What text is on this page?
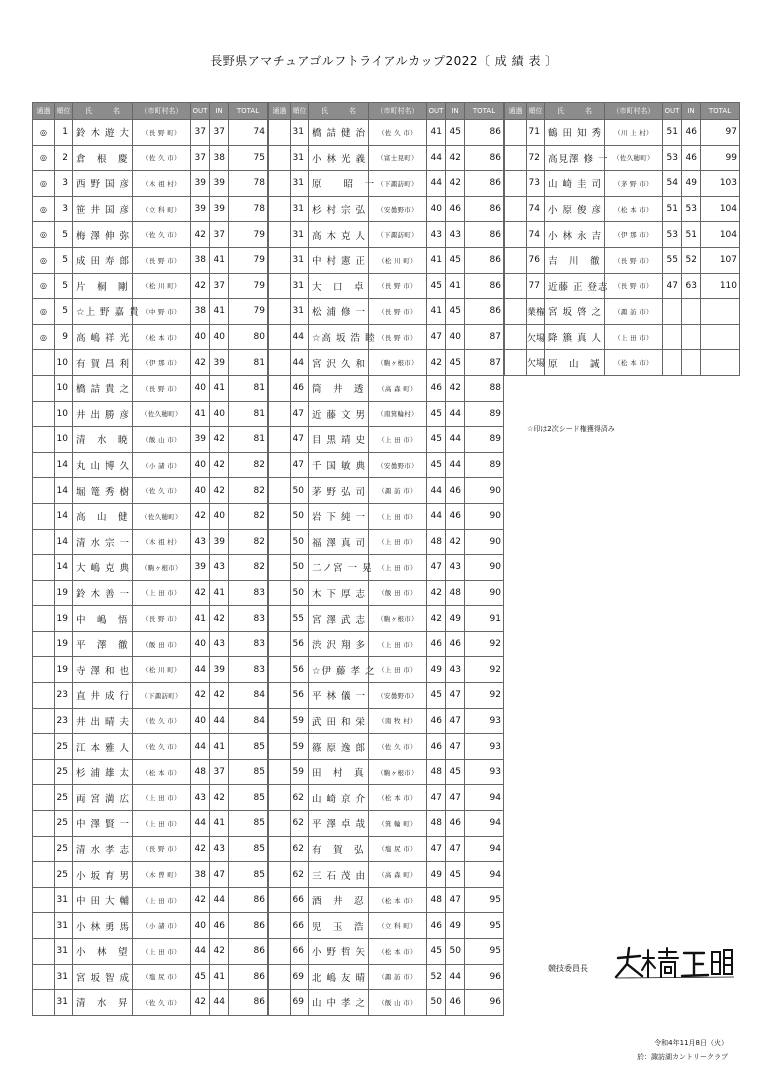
長野県アマチュアゴルフトライアルカップ2022〔 成 績 表 〕
通過	順位	氏　　　名	（市町村名）	OUT	IN	TOTAL
◎	1	鈴 木 遊 大	（長 野 町）	37	37	74
◎	2	倉　根　慶	（佐 久 市）	37	38	75
◎	3	西 野 国 彦	（木 祖 村）	39	39	78
◎	3	笹 井 国 彦	（立 科 町）	39	39	78
◎	5	梅 澤 伸 弥	（佐 久 市）	42	37	79
◎	5	成 田 寿 郎	（長 野 市）	38	41	79
◎	5	片　桐　剛	（松 川 町）	42	37	79
◎	5	☆上 野 嘉 貴	（中 野 市）	38	41	79
◎	9	高 嶋 祥 光	（松 本 市）	40	40	80
	10	有 賀 昌 利	（伊 那 市）	42	39	81
	10	橋 詰 貴 之	（長 野 市）	40	41	81
	10	井 出 勝 彦	（佐久穂町）	41	40	81
	10	清　水　暁	（飯 山 市）	39	42	81
	14	丸 山 博 久	（小 諸 市）	40	42	82
	14	堀 篭 秀 樹	（佐 久 市）	40	42	82
	14	高　山　健	（佐久穂町）	42	40	82
	14	清 水 宗 一	（木 祖 村）	43	39	82
	14	大 嶋 克 典	（駒ヶ根市）	39	43	82
	19	鈴 木 善 一	（上 田 市）	42	41	83
	19	中　嶋　悟	（長 野 市）	41	42	83
	19	平　澤　徹	（飯 田 市）	40	43	83
	19	寺 澤 和 也	（松 川 町）	44	39	83
	23	直 井 成 行	（下諏訪町）	42	42	84
	23	井 出 晴 夫	（佐 久 市）	40	44	84
	25	江 本 雅 人	（佐 久 市）	44	41	85
	25	杉 浦 雄 太	（松 本 市）	48	37	85
	25	両 宮 満 広	（上 田 市）	43	42	85
	25	中 澤 賢 一	（上 田 市）	44	41	85
	25	清 水 孝 志	（長 野 市）	42	43	85
	25	小 坂 育 男	（木 曽 町）	38	47	85
	31	中 田 大 輔	（上 田 市）	42	44	86
	31	小 林 勇 馬	（小 諸 市）	40	46	86
	31	小　林　望	（上 田 市）	44	42	86
	31	宮 坂 智 成	（塩 尻 市）	45	41	86
	31	清　水　昇	（佐 久 市）	42	44	86
通過	順位	氏　　　名	（市町村名）	OUT	IN	TOTAL
	31	橋 詰 健 治	（佐 久 市）	41	45	86
	31	小 林 光 義	（富士見町）	44	42	86
	31	原　　昭　一	（下諏訪町）	44	42	86
	31	杉 村 宗 弘	（安曇野市）	40	46	86
	31	高 木 克 人	（下諏訪町）	43	43	86
	31	中 村 憲 正	（松 川 町）	41	45	86
	31	大　口　卓	（長 野 市）	45	41	86
	31	松 浦 修 一	（長 野 市）	41	45	86
	44	☆高 坂 浩 睦	（長 野 市）	47	40	87
	44	宮 沢 久 和	（駒ヶ根市）	42	45	87
	46	筒　井　透	（高 森 町）	46	42	88
	47	近 藤 文 男	（南箕輪村）	45	44	89
	47	目 黒 靖 史	（上 田 市）	45	44	89
	47	千 国 敏 典	（安曇野市）	45	44	89
	50	茅 野 弘 司	（諏 訪 市）	44	46	90
	50	岩 下 純 一	（上 田 市）	44	46	90
	50	福 澤 真 司	（上 田 市）	48	42	90
	50	二ノ宮 一 晃	（上 田 市）	47	43	90
	50	木 下 厚 志	（飯 田 市）	42	48	90
	55	宮 澤 武 志	（駒ヶ根市）	42	49	91
	56	渋 沢 翔 多	（上 田 市）	46	46	92
	56	☆伊 藤 孝 之	（上 田 市）	49	43	92
	56	平 林 儀 一	（安曇野市）	45	47	92
	59	武 田 和 栄	（南 牧 村）	46	47	93
	59	篠 原 逸 郎	（佐 久 市）	46	47	93
	59	田　村　真	（駒ヶ根市）	48	45	93
	62	山 崎 京 介	（松 本 市）	47	47	94
	62	平 澤 卓 哉	（箕 輪 町）	48	46	94
	62	有　賀　弘	（塩 尻 市）	47	47	94
	62	三 石 茂 由	（高 森 町）	49	45	94
	66	酒　井　忍	（松 本 市）	48	47	95
	66	児　玉　浩	（立 科 町）	46	49	95
	66	小 野 哲 矢	（松 本 市）	45	50	95
	69	北 嶋 友 晴	（諏 訪 市）	52	44	96
	69	山 中 孝 之	（飯 山 市）	50	46	96
通過	順位	氏　　　名	（市町村名）	OUT	IN	TOTAL
	71	鶴 田 知 秀	（川 上 村）	51	46	97
	72	高見澤 修 一	（佐久穂町）	53	46	99
	73	山 崎 圭 司	（茅 野 市）	54	49	103
	74	小 原 俊 彦	（松 本 市）	51	53	104
	74	小 林 永 吉	（伊 那 市）	53	51	104
	76	吉　川　徹	（長 野 市）	55	52	107
	77	近藤 正 登志	（長 野 市）	47	63	110
	業権	宮 坂 啓 之	（諏 訪 市）			
	欠場	降 籏 真 人	（上 田 市）			
	欠場	原　山　誠	（松 本 市）			
☆印は2次シード権獲得済み
競技委員長
令和4年11月8日（火）
於：諏訪湖カントリークラブ
